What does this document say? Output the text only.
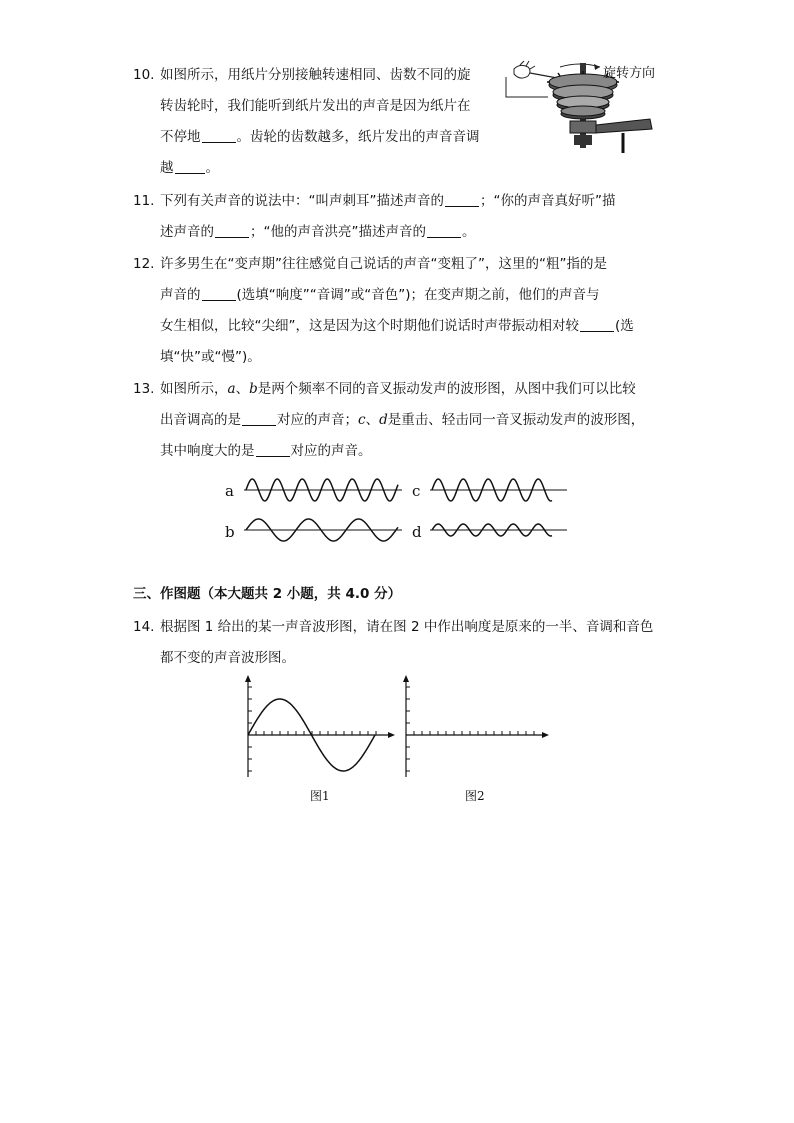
10. 如图所示，用纸片分别接触转速相同、齿数不同的旋
转齿轮时，我们能听到纸片发出的声音是因为纸片在
不停地	。齿轮的齿数越多，纸片发出的声音音调
越 。
旋转方向
11. 下列有关声音的说法中：“叫声刺耳”描述声音的	；“你的声音真好听”描
述声音的	；“他的声音洪亮”描述声音的	。
12. 许多男生在“变声期”往往感觉自己说话的声音“变粗了”，这里的“粗”指的是
声音的	(选填“响度”“音调”或“音色”)；在变声期之前，他们的声音与
女生相似，比较“尖细”，这是因为这个时期他们说话时声带振动相对较	(选
填“快”或“慢”)。
13. 如图所示，a、b是两个频率不同的音叉振动发声的波形图，从图中我们可以比较
出音调高的是	对应的声音；c、d是重击、轻击同一音叉振动发声的波形图，
其中响度大的是	对应的声音。
a
b
c
d
三、作图题（本大题共 2 小题，共 4.0 分）
14. 根据图 1 给出的某一声音波形图，请在图 2 中作出响度是原来的一半、音调和音色
都不变的声音波形图。
图1	图2
